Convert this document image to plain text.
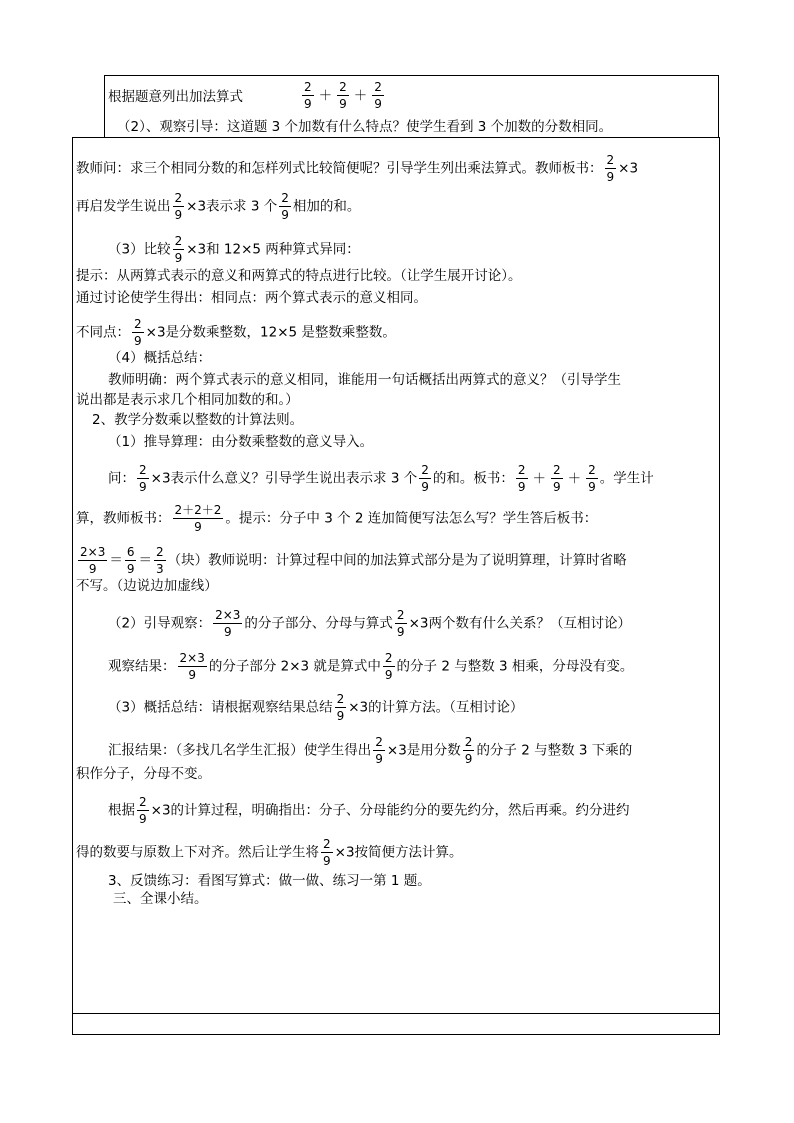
根据题意列出加法算式	$\frac{2}{9} + \frac{2}{9} + \frac{2}{9}$
（2）、观察引导：这道题 3 个加数有什么特点？使学生看到 3 个加数的分数相同。
教师问：求三个相同分数的和怎样列式比较简便呢？引导学生列出乘法算式。教师板书： $\frac{2}{9} \times 3$
再启发学生说出 $\frac{2}{9} \times 3$表示求 3 个 $\frac{2}{9}$ 相加的和。
（3）比较 $\frac{2}{9} \times 3$和 12×5 两种算式异同：
提示：从两算式表示的意义和两算式的特点进行比较。（让学生展开讨论）。
通过讨论使学生得出：相同点：两个算式表示的意义相同。
不同点： $\frac{2}{9} \times 3$是分数乘整数，12×5 是整数乘整数。
（4）概括总结：
教师明确：两个算式表示的意义相同，谁能用一句话概括出两算式的意义？（引导学生
说出都是表示求几个相同加数的和。）
2、教学分数乘以整数的计算法则。
（1）推导算理：由分数乘整数的意义导入。
问： $\frac{2}{9} \times 3$表示什么意义？引导学生说出表示求 3 个 $\frac{2}{9}$ 的和。板书： $\frac{2}{9} + \frac{2}{9} + \frac{2}{9}$ 。学生计
算，教师板书： $\frac{2+2+2}{9}$ 。提示：分子中 3 个 2 连加简便写法怎么写？学生答后板书：
$\frac{2\times 3}{9} = \frac{6}{9} = \frac{2}{3}$ （块）教师说明：计算过程中间的加法算式部分是为了说明算理，计算时省略
不写。（边说边加虚线）
（2）引导观察： $\frac{2\times 3}{9}$ 的分子部分、分母与算式 $\frac{2}{9} \times 3$两个数有什么关系？（互相讨论）
观察结果： $\frac{2\times 3}{9}$ 的分子部分 2×3 就是算式中 $\frac{2}{9}$ 的分子 2 与整数 3 相乘，分母没有变。
（3）概括总结：请根据观察结果总结 $\frac{2}{9} \times 3$的计算方法。（互相讨论）
汇报结果：（多找几名学生汇报）使学生得出 $\frac{2}{9} \times 3$是用分数 $\frac{2}{9}$ 的分子 2 与整数 3 下乘的
积作分子，分母不变。
根据 $\frac{2}{9} \times 3$的计算过程，明确指出：分子、分母能约分的要先约分，然后再乘。约分进约
得的数要与原数上下对齐。然后让学生将 $\frac{2}{9} \times 3$按简便方法计算。
3、反馈练习：看图写算式：做一做、练习一第 1 题。
三、全课小结。
